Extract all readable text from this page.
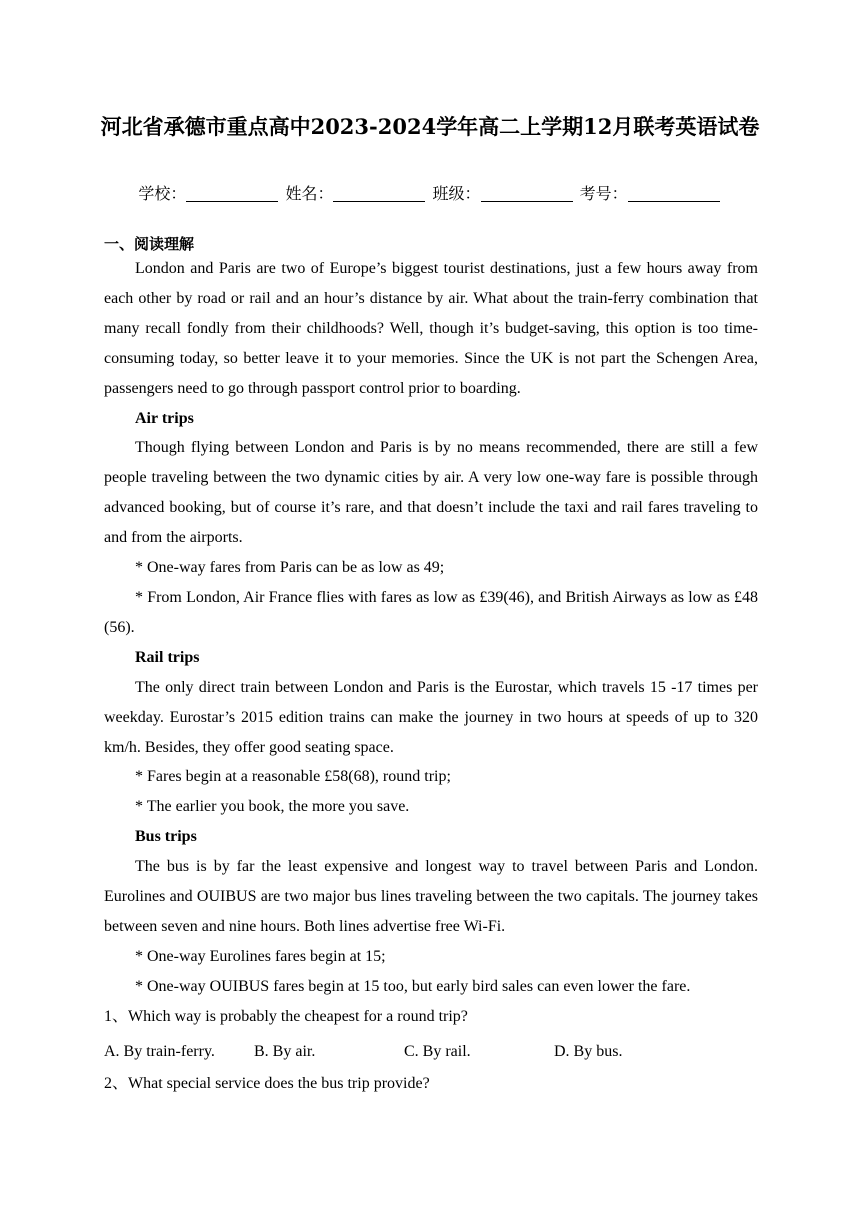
河北省承德市重点高中2023-2024学年高二上学期12月联考英语试卷
学校：	姓名：	班级：	考号：
一、阅读理解

London and Paris are two of Europe’s biggest tourist destinations, just a few hours away from each other by road or rail and an hour’s distance by air. What about the train-ferry combination that many recall fondly from their childhoods? Well, though it’s budget-saving, this option is too time-consuming today, so better leave it to your memories. Since the UK is not part the Schengen Area, passengers need to go through passport control prior to boarding.

Air trips

Though flying between London and Paris is by no means recommended, there are still a few people traveling between the two dynamic cities by air. A very low one-way fare is possible through advanced booking, but of course it’s rare, and that doesn’t include the taxi and rail fares traveling to and from the airports.

* One-way fares from Paris can be as low as 49;

* From London, Air France flies with fares as low as £39(46), and British Airways as low as £48 (56).

Rail trips

The only direct train between London and Paris is the Eurostar, which travels 15 -17 times per weekday. Eurostar’s 2015 edition trains can make the journey in two hours at speeds of up to 320 km/h. Besides, they offer good seating space.

* Fares begin at a reasonable £58(68), round trip;

* The earlier you book, the more you save.

Bus trips

The bus is by far the least expensive and longest way to travel between Paris and London. Eurolines and OUIBUS are two major bus lines traveling between the two capitals. The journey takes between seven and nine hours. Both lines advertise free Wi-Fi.

* One-way Eurolines fares begin at 15;

* One-way OUIBUS fares begin at 15 too, but early bird sales can even lower the fare.

1、Which way is probably the cheapest for a round trip?

A. By train-ferry.	B. By air.	C. By rail.	D. By bus.

2、What special service does the bus trip provide?
